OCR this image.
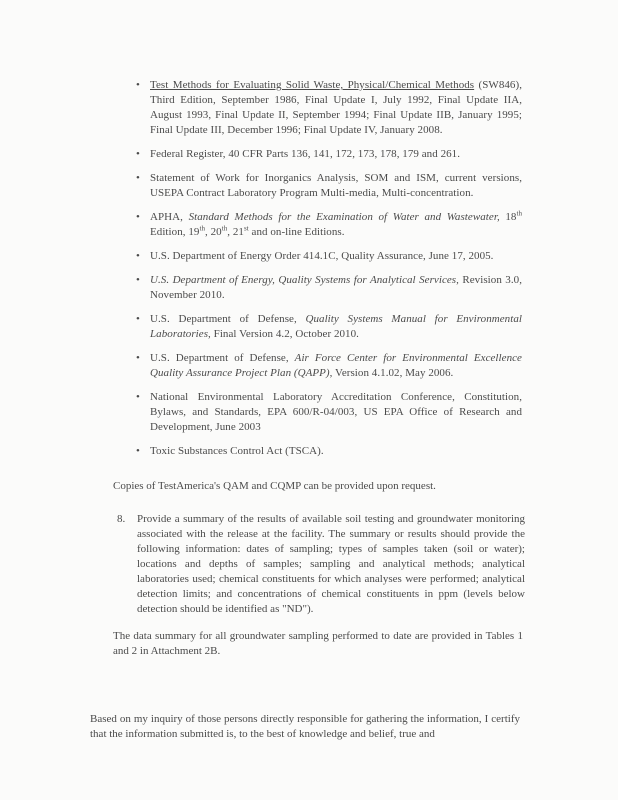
• Test Methods for Evaluating Solid Waste, Physical/Chemical Methods (SW846), Third Edition, September 1986, Final Update I, July 1992, Final Update IIA, August 1993, Final Update II, September 1994; Final Update IIB, January 1995; Final Update III, December 1996; Final Update IV, January 2008.
• Federal Register, 40 CFR Parts 136, 141, 172, 173, 178, 179 and 261.
• Statement of Work for Inorganics Analysis, SOM and ISM, current versions, USEPA Contract Laboratory Program Multi-media, Multi-concentration.
• APHA, Standard Methods for the Examination of Water and Wastewater, 18th Edition, 19th, 20th, 21st and on-line Editions.
• U.S. Department of Energy Order 414.1C, Quality Assurance, June 17, 2005.
• U.S. Department of Energy, Quality Systems for Analytical Services, Revision 3.0, November 2010.
• U.S. Department of Defense, Quality Systems Manual for Environmental Laboratories, Final Version 4.2, October 2010.
• U.S. Department of Defense, Air Force Center for Environmental Excellence Quality Assurance Project Plan (QAPP), Version 4.1.02, May 2006.
• National Environmental Laboratory Accreditation Conference, Constitution, Bylaws, and Standards, EPA 600/R-04/003, US EPA Office of Research and Development, June 2003
• Toxic Substances Control Act (TSCA).
Copies of TestAmerica's QAM and CQMP can be provided upon request.
8. Provide a summary of the results of available soil testing and groundwater monitoring associated with the release at the facility. The summary or results should provide the following information: dates of sampling; types of samples taken (soil or water); locations and depths of samples; sampling and analytical methods; analytical laboratories used; chemical constituents for which analyses were performed; analytical detection limits; and concentrations of chemical constituents in ppm (levels below detection should be identified as "ND").
The data summary for all groundwater sampling performed to date are provided in Tables 1 and 2 in Attachment 2B.
Based on my inquiry of those persons directly responsible for gathering the information, I certify that the information submitted is, to the best of knowledge and belief, true and
